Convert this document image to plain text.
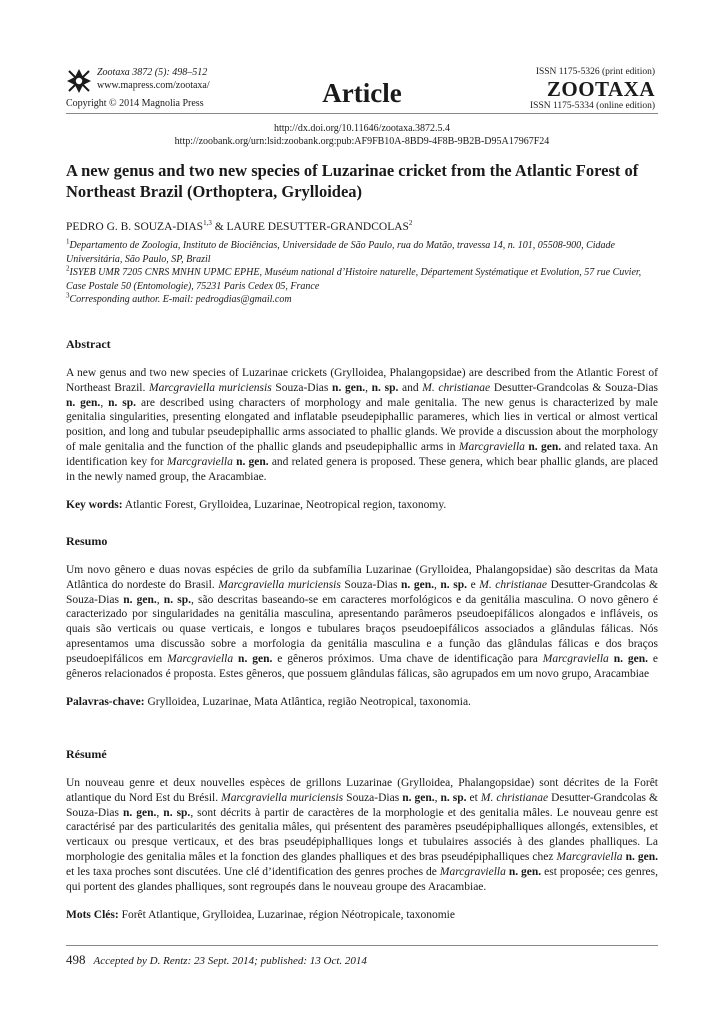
Zootaxa 3872 (5): 498–512
www.mapress.com/zootaxa/
Copyright © 2014 Magnolia Press	Article
ISSN 1175-5326 (print edition)
ZOOTAXA
ISSN 1175-5334 (online edition)
http://dx.doi.org/10.11646/zootaxa.3872.5.4
http://zoobank.org/urn:lsid:zoobank.org:pub:AF9FB10A-8BD9-4F8B-9B2B-D95A17967F24
A new genus and two new species of Luzarinae cricket from the Atlantic Forest of Northeast Brazil (Orthoptera, Grylloidea)
PEDRO G. B. SOUZA-DIAS$^{1,3}$ & LAURE DESUTTER-GRANDCOLAS$^2$

$^1$Departamento de Zoologia, Instituto de Biociências, Universidade de São Paulo, rua do Matão, travessa 14, n. 101, 05508-900, Cidade Universitária, São Paulo, SP, Brazil

$^2$ISYEB UMR 7205 CNRS MNHN UPMC EPHE, Muséum national d’Histoire naturelle, Département Systématique et Evolution, 57 rue Cuvier, Case Postale 50 (Entomologie), 75231 Paris Cedex 05, France

$^3$Corresponding author. E-mail: pedrogdias@gmail.com

Abstract

A new genus and two new species of Luzarinae crickets (Grylloidea, Phalangopsidae) are described from the Atlantic Forest of Northeast Brazil. Marcgraviella muriciensis Souza-Dias n. gen., n. sp. and M. christianae Desutter-Grandcolas & Souza-Dias n. gen., n. sp. are described using characters of morphology and male genitalia. The new genus is characterized by male genitalia singularities, presenting elongated and inflatable pseudepiphallic parameres, which lies in vertical or almost vertical position, and long and tubular pseudepiphallic arms associated to phallic glands. We provide a discussion about the morphology of male genitalia and the function of the phallic glands and pseudepiphallic arms in Marcgraviella n. gen. and related taxa. An identification key for Marcgraviella n. gen. and related genera is proposed. These genera, which bear phallic glands, are placed in the newly named group, the Aracambiae.

Key words: Atlantic Forest, Grylloidea, Luzarinae, Neotropical region, taxonomy.

Resumo

Um novo gênero e duas novas espécies de grilo da subfamília Luzarinae (Grylloidea, Phalangopsidae) são descritas da Mata Atlântica do nordeste do Brasil. Marcgraviella muriciensis Souza-Dias n. gen., n. sp. e M. christianae Desutter-Grandcolas & Souza-Dias n. gen., n. sp., são descritas baseando-se em caracteres morfológicos e da genitália masculina. O novo gênero é caracterizado por singularidades na genitália masculina, apresentando parâmeros pseudoepifálicos alongados e infláveis, os quais são verticais ou quase verticais, e longos e tubulares braços pseudoepifálicos associados a glândulas fálicas. Nós apresentamos uma discussão sobre a morfologia da genitália masculina e a função das glândulas fálicas e dos braços pseudoepifálicos em Marcgraviella n. gen. e gêneros próximos. Uma chave de identificação para Marcgraviella n. gen. e gêneros relacionados é proposta. Estes gêneros, que possuem glândulas fálicas, são agrupados em um novo grupo, Aracambiae

Palavras-chave: Grylloidea, Luzarinae, Mata Atlântica, região Neotropical, taxonomia.

Résumé

Un nouveau genre et deux nouvelles espèces de grillons Luzarinae (Grylloidea, Phalangopsidae) sont décrites de la Forêt atlantique du Nord Est du Brésil. Marcgraviella muriciensis Souza-Dias n. gen., n. sp. et M. christianae Desutter-Grandcolas & Souza-Dias n. gen., n. sp., sont décrits à partir de caractères de la morphologie et des genitalia mâles. Le nouveau genre est caractérisé par des particularités des genitalia mâles, qui présentent des paramères pseudépiphalliques allongés, extensibles, et verticaux ou presque verticaux, et des bras pseudépiphalliques longs et tubulaires associés à des glandes phalliques. La morphologie des genitalia mâles et la fonction des glandes phalliques et des bras pseudépiphalliques chez Marcgraviella n. gen. et les taxa proches sont discutées. Une clé d’identification des genres proches de Marcgraviella n. gen. est proposée; ces genres, qui portent des glandes phalliques, sont regroupés dans le nouveau groupe des Aracambiae.

Mots Clés: Forêt Atlantique, Grylloidea, Luzarinae, région Néotropicale, taxonomie

498 Accepted by D. Rentz: 23 Sept. 2014; published: 13 Oct. 2014
